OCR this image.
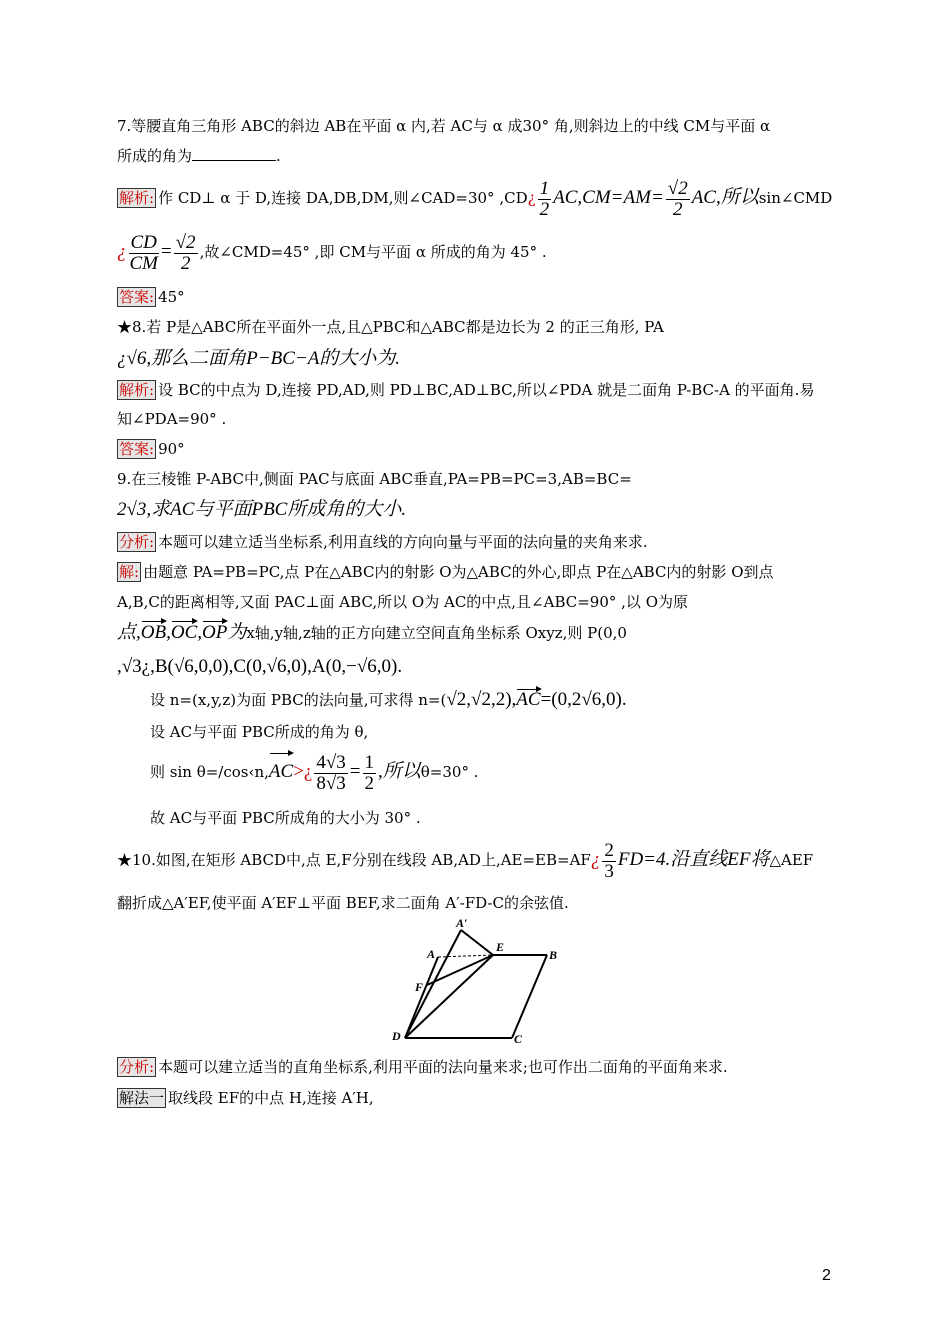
7.等腰直角三角形 ABC的斜边 AB在平面 α 内,若 AC与 α 成30° 角,则斜边上的中线 CM与平面 α
所成的角为	.
解析: 作 CD⊥ α 于 D,连接 DA,DB,DM,则∠CAD=30° ,CD¿ $\frac{1}{2} AC,CM=AM= \frac{√2}{2}$ AC,所以sin∠CMD
¿ $\frac{CD}{CM} = \frac{√2}{2}$ ,故∠CMD=45° ,即 CM与平面 α 所成的角为 45° .
答案: 45°
★8.若 P是△ABC所在平面外一点,且△PBC和△ABC都是边长为 2 的正三角形, PA
¿√6,那么二面角P−BC−A的大小为.
解析: 设 BC的中点为 D,连接 PD,AD,则 PD⊥BC,AD⊥BC,所以∠PDA 就是二面角 P-BC-A 的平面角.易
知∠PDA=90° .
答案: 90°
9.在三棱锥 P-ABC中,侧面 PAC与底面 ABC垂直,PA=PB=PC=3,AB=BC=
2√3,求AC与平面PBC所成角的大小.
分析: 本题可以建立适当坐标系,利用直线的方向向量与平面的法向量的夹角来求.
解: 由题意 PA=PB=PC,点 P在△ABC内的射影 O为△ABC的外心,即点 P在△ABC内的射影 O到点
A,B,C的距离相等,又面 PAC⊥面 ABC,所以 O为 AC的中点,且∠ABC=90° ,以 O为原
点,OB,OC,OP为x轴,y轴,z轴的正方向建立空间直角坐标系 Oxyz,则 P(0,0
,√3¿,B(√6,0,0),C(0,√6,0),A(0,−√6,0).
设 n=(x,y,z)为面 PBC的法向量,可求得 n=(√2,√2,2),AC=(0,2√6,0).
设 AC与平面 PBC所成的角为 θ,
则 sin θ=/cos‹n,AC>¿ $\frac{4√3}{8√3} = \frac{1}{2}$ ,所以θ=30° .
故 AC与平面 PBC所成角的大小为 30° .
★10.如图,在矩形 ABCD中,点 E,F分别在线段 AB,AD上,AE=EB=AF¿ $\frac{2}{3} FD=4$.沿直线EF将△AEF
翻折成△A′EF,使平面 A′EF⊥平面 BEF,求二面角 A′-FD-C的余弦值.
A′
A	E
B
F
D	C
分析: 本题可以建立适当的直角坐标系,利用平面的法向量来求;也可作出二面角的平面角来求.
解法一 取线段 EF的中点 H,连接 A′H,
2
